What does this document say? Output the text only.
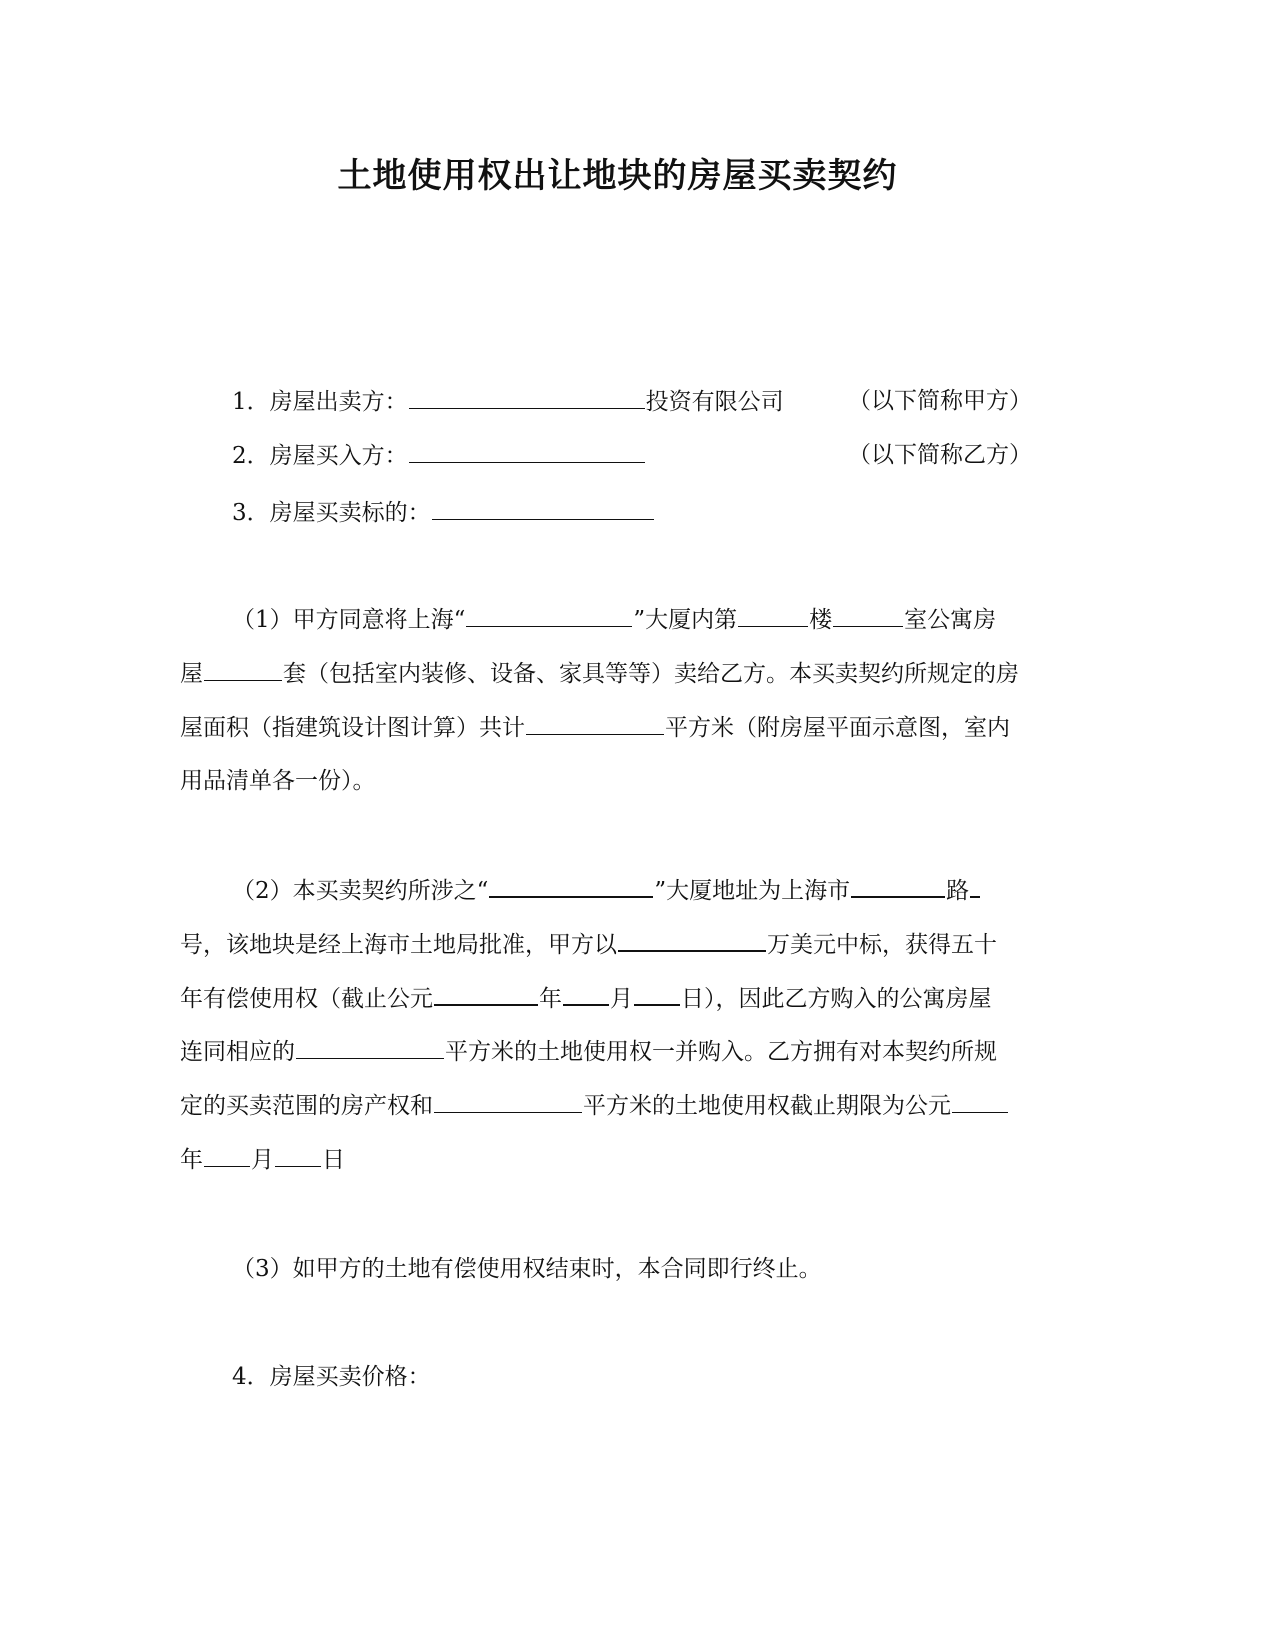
土地使用权出让地块的房屋买卖契约
1．房屋出卖方：	投资有限公司	（以下简称甲方）
2．房屋买入方：	（以下简称乙方）
3．房屋买卖标的：
（1）甲方同意将上海“	”大厦内第	楼	室公寓房
屋	套（包括室内装修、设备、家具等等）卖给乙方。本买卖契约所规定的房
屋面积（指建筑设计图计算）共计	平方米（附房屋平面示意图，室内
用品清单各一份）。
（2）本买卖契约所涉之“	”大厦地址为上海市	路
号，该地块是经上海市土地局批准，甲方以	万美元中标，获得五十
年有偿使用权（截止公元	年 月 日），因此乙方购入的公寓房屋
连同相应的	平方米的土地使用权一并购入。乙方拥有对本契约所规
定的买卖范围的房产权和	平方米的土地使用权截止期限为公元
年 月 日
（3）如甲方的土地有偿使用权结束时，本合同即行终止。
4．房屋买卖价格：
